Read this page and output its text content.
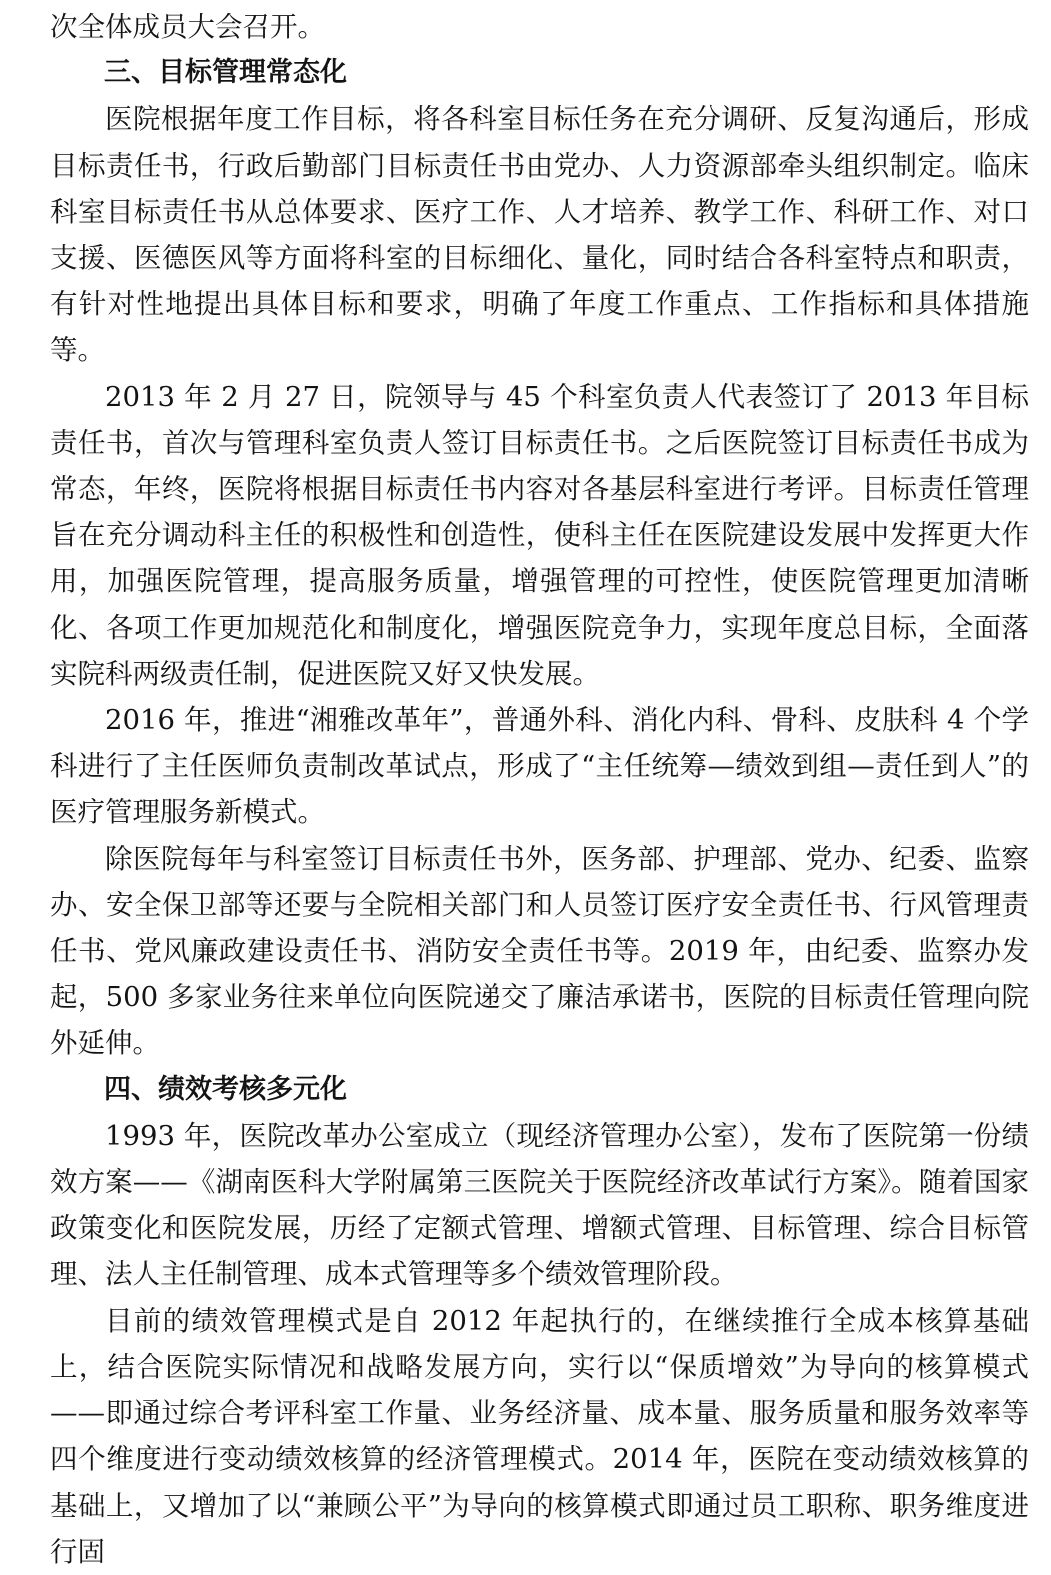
次全体成员大会召开。

三、目标管理常态化

医院根据年度工作目标，将各科室目标任务在充分调研、反复沟通后，形成目标责任书，行政后勤部门目标责任书由党办、人力资源部牵头组织制定。临床科室目标责任书从总体要求、医疗工作、人才培养、教学工作、科研工作、对口支援、医德医风等方面将科室的目标细化、量化，同时结合各科室特点和职责，有针对性地提出具体目标和要求，明确了年度工作重点、工作指标和具体措施等。

2013 年 2 月 27 日，院领导与 45 个科室负责人代表签订了 2013 年目标责任书，首次与管理科室负责人签订目标责任书。之后医院签订目标责任书成为常态，年终，医院将根据目标责任书内容对各基层科室进行考评。目标责任管理旨在充分调动科主任的积极性和创造性，使科主任在医院建设发展中发挥更大作用，加强医院管理，提高服务质量，增强管理的可控性，使医院管理更加清晰化、各项工作更加规范化和制度化，增强医院竞争力，实现年度总目标，全面落实院科两级责任制，促进医院又好又快发展。

2016 年，推进“湘雅改革年”，普通外科、消化内科、骨科、皮肤科 4 个学科进行了主任医师负责制改革试点，形成了“主任统筹—绩效到组—责任到人”的医疗管理服务新模式。

除医院每年与科室签订目标责任书外，医务部、护理部、党办、纪委、监察办、安全保卫部等还要与全院相关部门和人员签订医疗安全责任书、行风管理责任书、党风廉政建设责任书、消防安全责任书等。2019 年，由纪委、监察办发起，500 多家业务往来单位向医院递交了廉洁承诺书，医院的目标责任管理向院外延伸。

四、绩效考核多元化

1993 年，医院改革办公室成立（现经济管理办公室），发布了医院第一份绩效方案——《湖南医科大学附属第三医院关于医院经济改革试行方案》。随着国家政策变化和医院发展，历经了定额式管理、增额式管理、目标管理、综合目标管理、法人主任制管理、成本式管理等多个绩效管理阶段。

目前的绩效管理模式是自 2012 年起执行的，在继续推行全成本核算基础上，结合医院实际情况和战略发展方向，实行以“保质增效”为导向的核算模式——即通过综合考评科室工作量、业务经济量、成本量、服务质量和服务效率等四个维度进行变动绩效核算的经济管理模式。2014 年，医院在变动绩效核算的基础上，又增加了以“兼顾公平”为导向的核算模式即通过员工职称、职务维度进行固
